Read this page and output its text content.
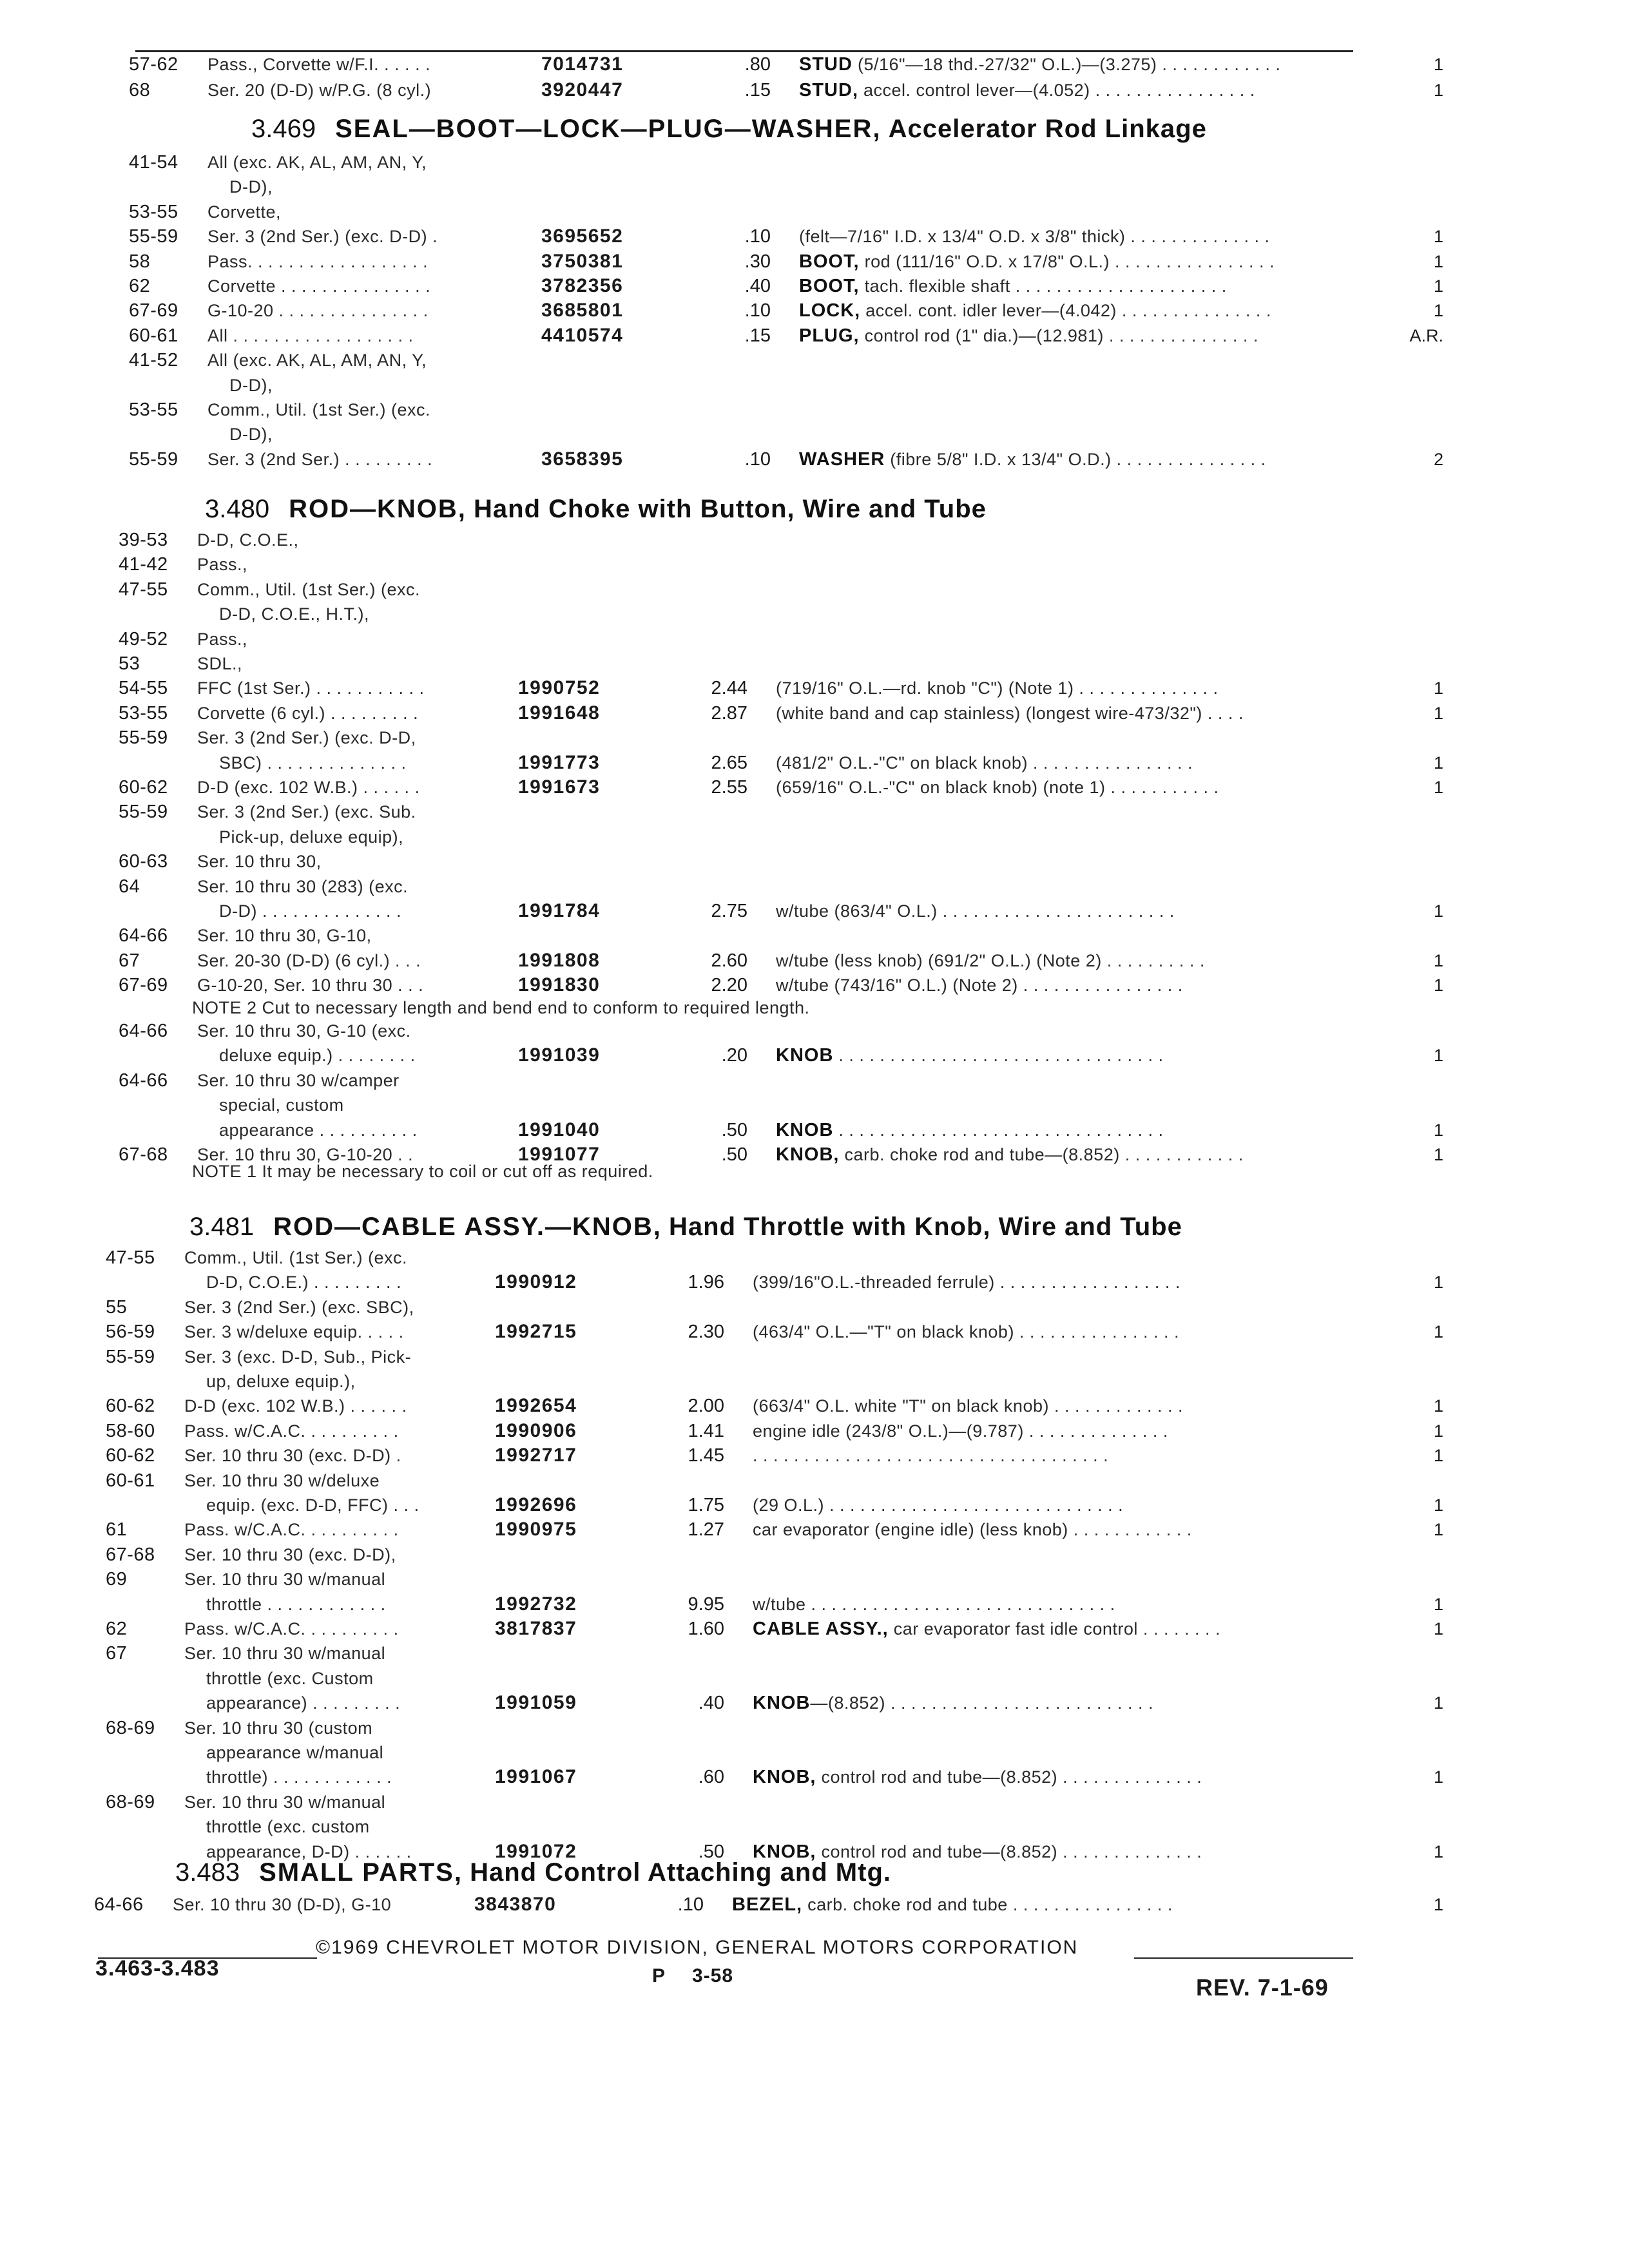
57-62 Pass., Corvette w/F.I. . . . . .	7014731	.80 STUD (5/16"—18 thd.-27/32" O.L.)—(3.275) . . . . . . . . . . . .	1
68	Ser. 20 (D-D) w/P.G. (8 cyl.)	3920447	.15 STUD, accel. control lever—(4.052) . . . . . . . . . . . . . . . .	1
3.469 SEAL—BOOT—LOCK—PLUG—WASHER, Accelerator Rod Linkage
41-54 All (exc. AK, AL, AM, AN, Y,
D-D),
53-55 Corvette,
55-59 Ser. 3 (2nd Ser.) (exc. D-D) .	3695652	.10 (felt—7/16" I.D. x 13/4" O.D. x 3/8" thick) . . . . . . . . . . . . . .	1
58	Pass. . . . . . . . . . . . . . . . . .	3750381	.30 BOOT, rod (111/16" O.D. x 17/8" O.L.) . . . . . . . . . . . . . . . .	1
62	Corvette . . . . . . . . . . . . . . .	3782356	.40 BOOT, tach. flexible shaft . . . . . . . . . . . . . . . . . . . . .	1
67-69 G-10-20 . . . . . . . . . . . . . . .	3685801	.10 LOCK, accel. cont. idler lever—(4.042) . . . . . . . . . . . . . . .	1
60-61 All . . . . . . . . . . . . . . . . . .	4410574	.15 PLUG, control rod (1" dia.)—(12.981) . . . . . . . . . . . . . . .	A.R.
41-52 All (exc. AK, AL, AM, AN, Y,
D-D),
53-55 Comm., Util. (1st Ser.) (exc.
D-D),
55-59 Ser. 3 (2nd Ser.) . . . . . . . . .	3658395	.10 WASHER (fibre 5/8" I.D. x 13/4" O.D.) . . . . . . . . . . . . . . .	2
3.480 ROD—KNOB, Hand Choke with Button, Wire and Tube
39-53 D-D, C.O.E.,
41-42 Pass.,
47-55 Comm., Util. (1st Ser.) (exc.
D-D, C.O.E., H.T.),
49-52 Pass.,
53	SDL.,
54-55 FFC (1st Ser.) . . . . . . . . . . .	1990752	2.44 (719/16" O.L.—rd. knob "C") (Note 1) . . . . . . . . . . . . . .	1
53-55 Corvette (6 cyl.) . . . . . . . . .	1991648	2.87 (white band and cap stainless) (longest wire-473/32") . . . .	1
55-59 Ser. 3 (2nd Ser.) (exc. D-D,
SBC) . . . . . . . . . . . . . .	1991773	2.65 (481/2" O.L.-"C" on black knob) . . . . . . . . . . . . . . . .	1
60-62 D-D (exc. 102 W.B.) . . . . . .	1991673	2.55 (659/16" O.L.-"C" on black knob) (note 1) . . . . . . . . . . .	1
55-59 Ser. 3 (2nd Ser.) (exc. Sub.
Pick-up, deluxe equip),
60-63 Ser. 10 thru 30,
64	Ser. 10 thru 30 (283) (exc.
D-D) . . . . . . . . . . . . . .	1991784	2.75 w/tube (863/4" O.L.) . . . . . . . . . . . . . . . . . . . . . . .	1
64-66 Ser. 10 thru 30, G-10,
67	Ser. 20-30 (D-D) (6 cyl.) . . .	1991808	2.60 w/tube (less knob) (691/2" O.L.) (Note 2) . . . . . . . . . .	1
67-69 G-10-20, Ser. 10 thru 30 . . .	1991830	2.20 w/tube (743/16" O.L.) (Note 2) . . . . . . . . . . . . . . . .	1
NOTE 2 Cut to necessary length and bend end to conform to required length.
64-66 Ser. 10 thru 30, G-10 (exc.
deluxe equip.) . . . . . . . .	1991039	.20 KNOB . . . . . . . . . . . . . . . . . . . . . . . . . . . . . . . .	1
64-66 Ser. 10 thru 30 w/camper
special, custom
appearance . . . . . . . . . .	1991040	.50 KNOB . . . . . . . . . . . . . . . . . . . . . . . . . . . . . . . .	1
67-68 Ser. 10 thru 30, G-10-20 . .	1991077	.50 KNOB, carb. choke rod and tube—(8.852) . . . . . . . . . . . .	1
NOTE 1 It may be necessary to coil or cut off as required.
3.481 ROD—CABLE ASSY.—KNOB, Hand Throttle with Knob, Wire and Tube
47-55 Comm., Util. (1st Ser.) (exc.
D-D, C.O.E.) . . . . . . . . .	1990912	1.96 (399/16"O.L.-threaded ferrule) . . . . . . . . . . . . . . . . . .	1
55	Ser. 3 (2nd Ser.) (exc. SBC),
56-59 Ser. 3 w/deluxe equip. . . . .	1992715	2.30 (463/4" O.L.—"T" on black knob) . . . . . . . . . . . . . . . .	1
55-59 Ser. 3 (exc. D-D, Sub., Pick-
up, deluxe equip.),
60-62 D-D (exc. 102 W.B.) . . . . . .	1992654	2.00 (663/4" O.L. white "T" on black knob) . . . . . . . . . . . . .	1
58-60 Pass. w/C.A.C. . . . . . . . . .	1990906	1.41 engine idle (243/8" O.L.)—(9.787) . . . . . . . . . . . . . .	1
60-62 Ser. 10 thru 30 (exc. D-D) .	1992717	1.45 . . . . . . . . . . . . . . . . . . . . . . . . . . . . . . . . . . .	1
60-61 Ser. 10 thru 30 w/deluxe
equip. (exc. D-D, FFC) . . .	1992696	1.75 (29 O.L.) . . . . . . . . . . . . . . . . . . . . . . . . . . . . .	1
61	Pass. w/C.A.C. . . . . . . . . .	1990975	1.27 car evaporator (engine idle) (less knob) . . . . . . . . . . . .	1
67-68 Ser. 10 thru 30 (exc. D-D),
69	Ser. 10 thru 30 w/manual
throttle . . . . . . . . . . . .	1992732	9.95 w/tube . . . . . . . . . . . . . . . . . . . . . . . . . . . . . .	1
62	Pass. w/C.A.C. . . . . . . . . .	3817837	1.60 CABLE ASSY., car evaporator fast idle control . . . . . . . .	1
67	Ser. 10 thru 30 w/manual
throttle (exc. Custom
appearance) . . . . . . . . .	1991059	.40 KNOB—(8.852) . . . . . . . . . . . . . . . . . . . . . . . . . .	1
68-69 Ser. 10 thru 30 (custom
appearance w/manual
throttle) . . . . . . . . . . . .	1991067	.60 KNOB, control rod and tube—(8.852) . . . . . . . . . . . . . .	1
68-69 Ser. 10 thru 30 w/manual
throttle (exc. custom
appearance, D-D) . . . . . .	1991072	.50 KNOB, control rod and tube—(8.852) . . . . . . . . . . . . . .	1
3.483 SMALL PARTS, Hand Control Attaching and Mtg.
64-66 Ser. 10 thru 30 (D-D), G-10	3843870	.10 BEZEL, carb. choke rod and tube . . . . . . . . . . . . . . . .	1
©1969 CHEVROLET MOTOR DIVISION, GENERAL MOTORS CORPORATION
3.463-3.483	P 3-58	REV. 7-1-69
